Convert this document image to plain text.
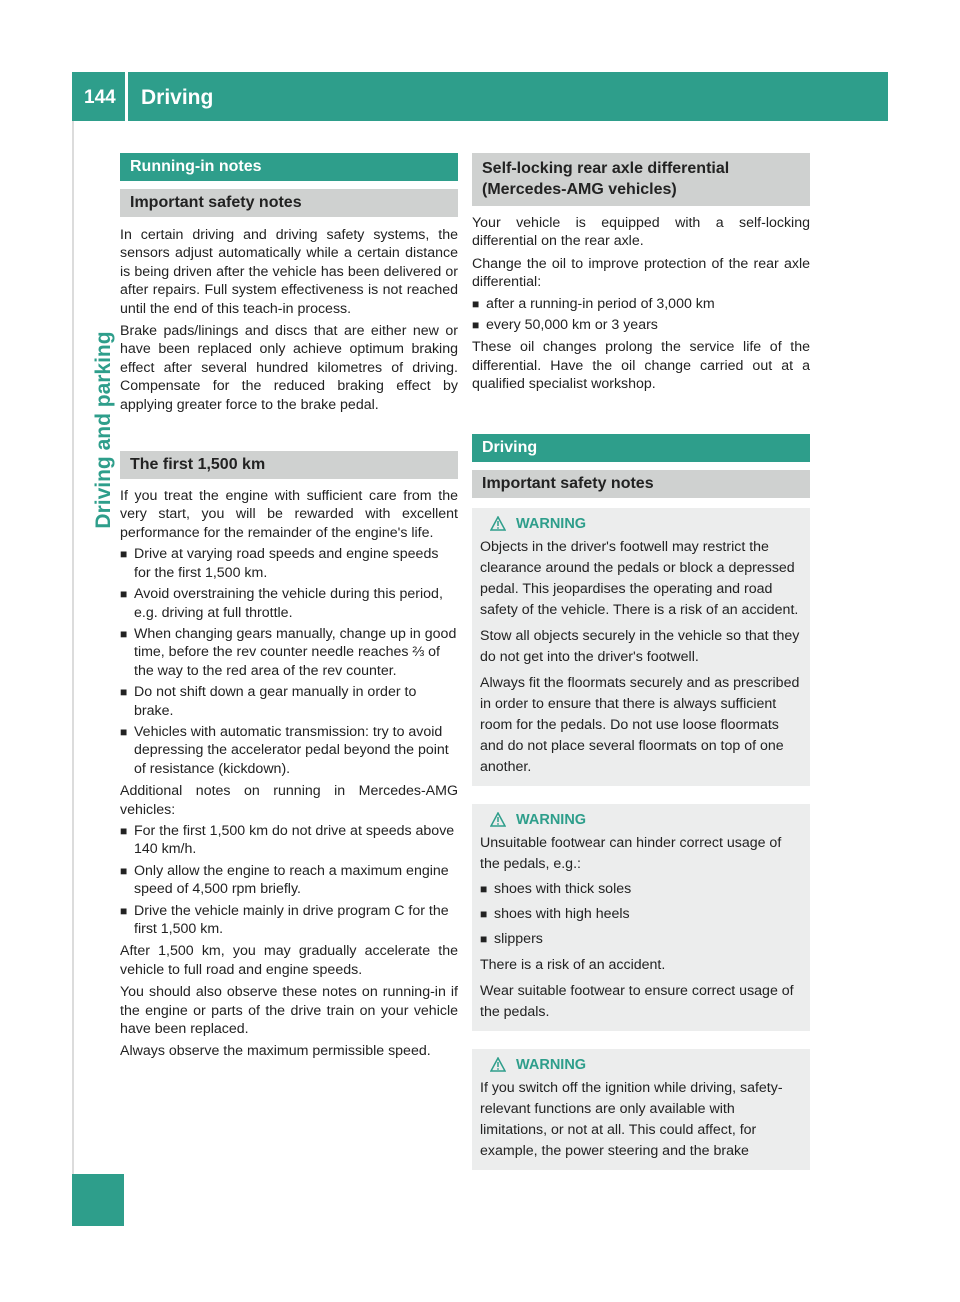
144 Driving
Driving and parking
Running-in notes
Important safety notes

In certain driving and driving safety systems, the sensors adjust automatically while a certain distance is being driven after the vehicle has been delivered or after repairs. Full system effectiveness is not reached until the end of this teach-in process.

Brake pads/linings and discs that are either new or have been replaced only achieve optimum braking effect after several hundred kilometres of driving. Compensate for the reduced braking effect by applying greater force to the brake pedal.

The first 1,500 km

If you treat the engine with sufficient care from the very start, you will be rewarded with excellent performance for the remainder of the engine's life.

■ Drive at varying road speeds and engine speeds for the first 1,500 km.
■ Avoid overstraining the vehicle during this period, e.g. driving at full throttle.
■ When changing gears manually, change up in good time, before the rev counter needle reaches ⅔ of the way to the red area of the rev counter.
■ Do not shift down a gear manually in order to brake.
■ Vehicles with automatic transmission: try to avoid depressing the accelerator pedal beyond the point of resistance (kickdown).

Additional notes on running in Mercedes-AMG vehicles:

■ For the first 1,500 km do not drive at speeds above 140 km/h.
■ Only allow the engine to reach a maximum engine speed of 4,500 rpm briefly.
■ Drive the vehicle mainly in drive program C for the first 1,500 km.

After 1,500 km, you may gradually accelerate the vehicle to full road and engine speeds.

You should also observe these notes on running-in if the engine or parts of the drive train on your vehicle have been replaced.

Always observe the maximum permissible speed.

Self-locking rear axle differential
(Mercedes-AMG vehicles)

Your vehicle is equipped with a self-locking differential on the rear axle.

Change the oil to improve protection of the rear axle differential:

■ after a running-in period of 3,000 km
■ every 50,000 km or 3 years

These oil changes prolong the service life of the differential. Have the oil change carried out at a qualified specialist workshop.

Driving
Important safety notes
WARNING

Objects in the driver's footwell may restrict the clearance around the pedals or block a depressed pedal. This jeopardises the operating and road safety of the vehicle. There is a risk of an accident.

Stow all objects securely in the vehicle so that they do not get into the driver's footwell.

Always fit the floormats securely and as prescribed in order to ensure that there is always sufficient room for the pedals. Do not use loose floormats and do not place several floormats on top of one another.

WARNING

Unsuitable footwear can hinder correct usage of the pedals, e.g.:

■ shoes with thick soles
■ shoes with high heels
■ slippers

There is a risk of an accident.

Wear suitable footwear to ensure correct usage of the pedals.

WARNING

If you switch off the ignition while driving, safety-relevant functions are only available with limitations, or not at all. This could affect, for example, the power steering and the brake
